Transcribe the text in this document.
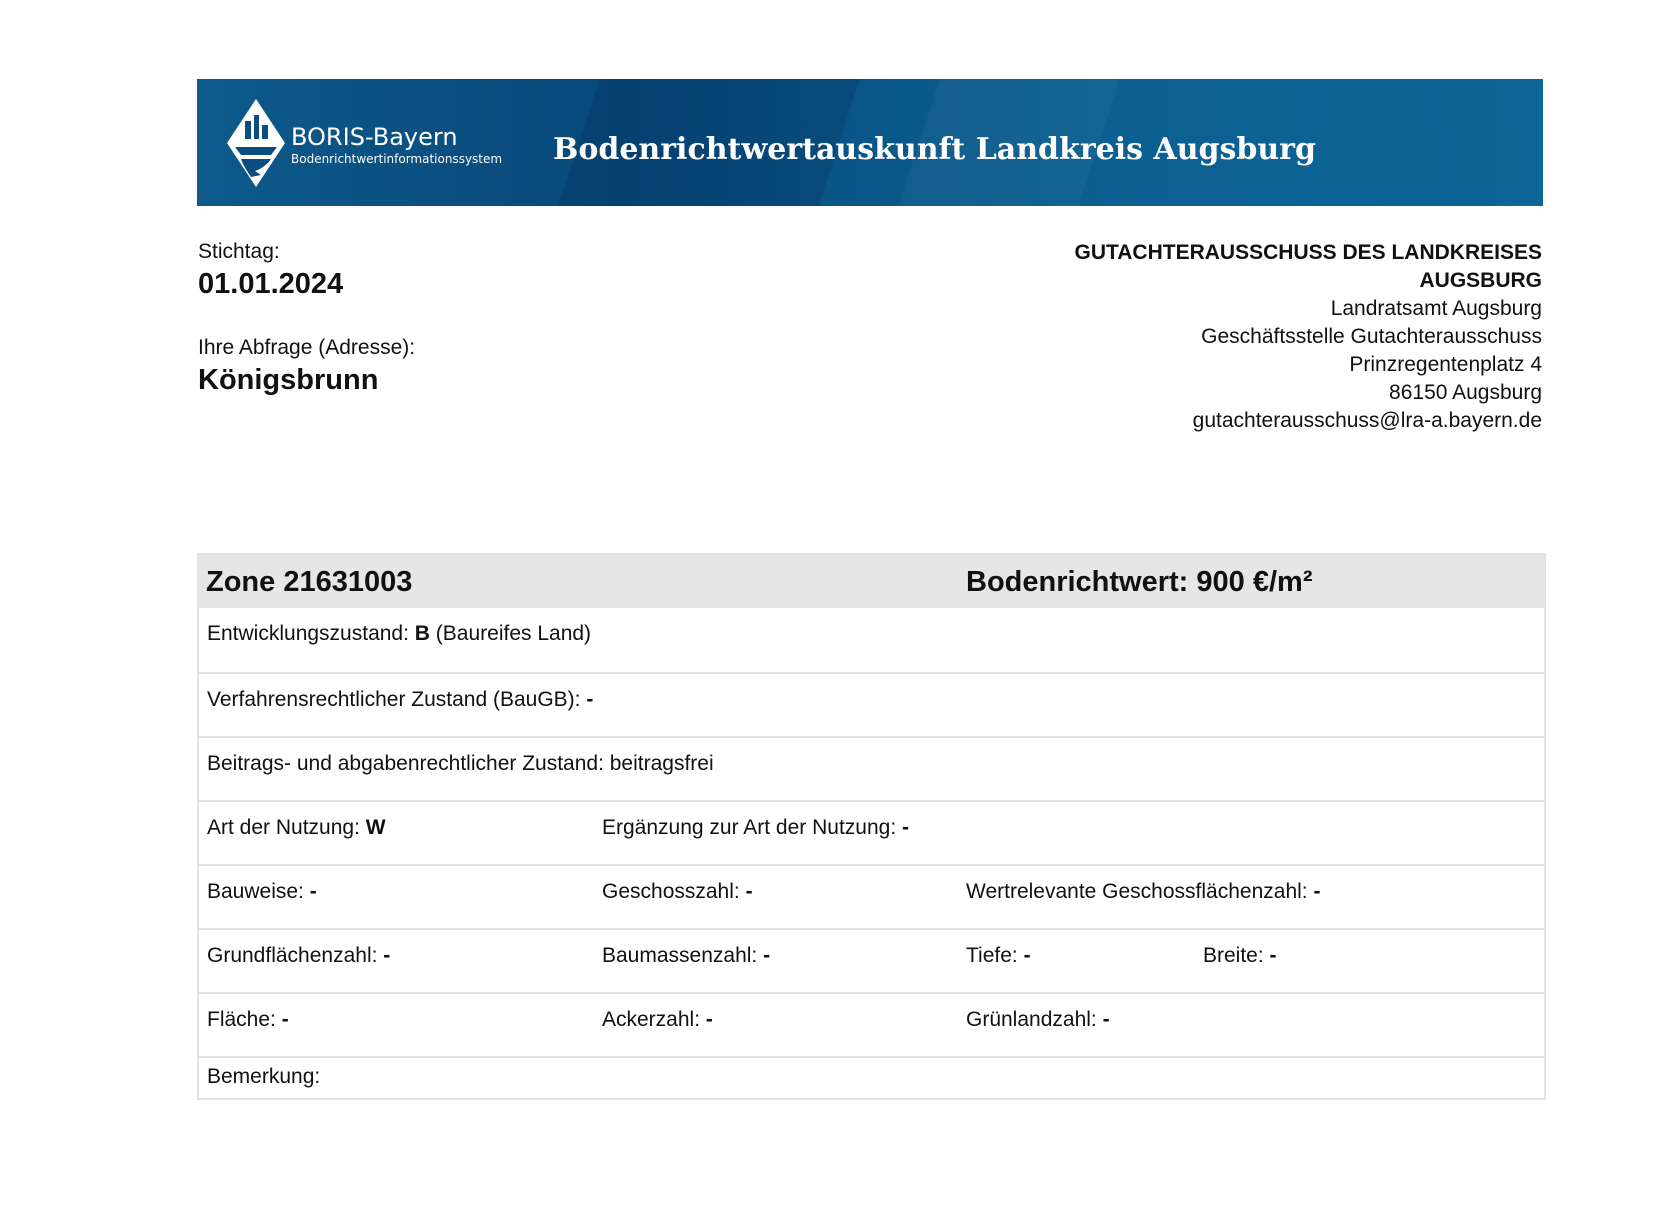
BORIS-Bayern
Bodenrichtwertinformationssystem Bodenrichtwertauskunft Landkreis Augsburg
Stichtag:
01.01.2024
Ihre Abfrage (Adresse):
Königsbrunn
GUTACHTERAUSSCHUSS DES LANDKREISES
AUGSBURG
Landratsamt Augsburg
Geschäftsstelle Gutachterausschuss
Prinzregentenplatz 4
86150 Augsburg
gutachterausschuss@lra-a.bayern.de
Zone 21631003	Bodenrichtwert: 900 €/m²
Entwicklungszustand: B (Baureifes Land)
Verfahrensrechtlicher Zustand (BauGB): -
Beitrags- und abgabenrechtlicher Zustand: beitragsfrei
Art der Nutzung: W	Ergänzung zur Art der Nutzung: -
Bauweise: -	Geschosszahl: -	Wertrelevante Geschossflächenzahl: -
Grundflächenzahl: -	Baumassenzahl: -	Tiefe: -	Breite: -
Fläche: -	Ackerzahl: -	Grünlandzahl: -
Bemerkung:
